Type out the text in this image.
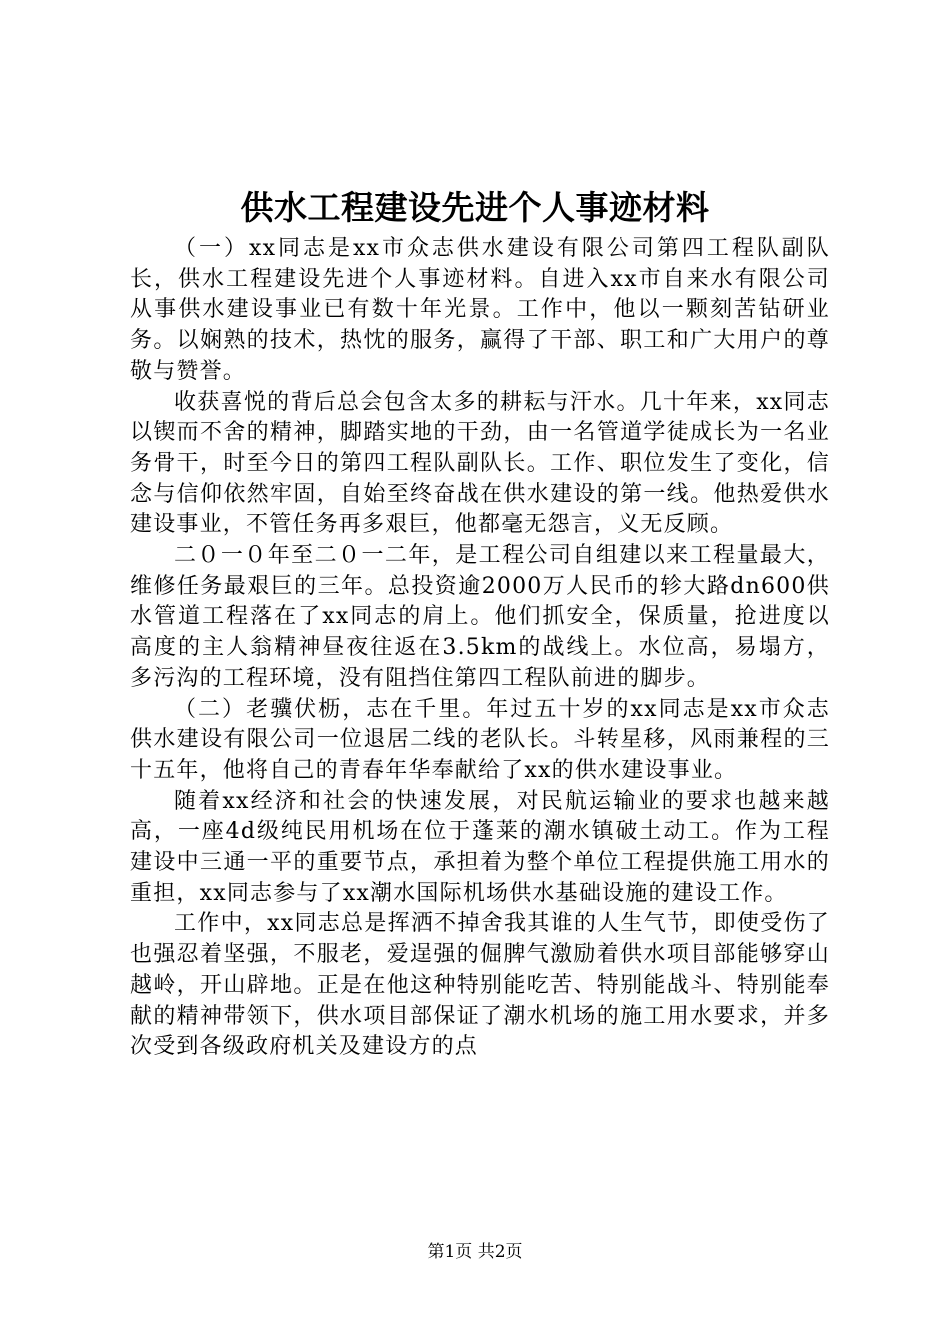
供水工程建设先进个人事迹材料

（一）xx同志是xx市众志供水建设有限公司第四工程队副队长，供水工程建设先进个人事迹材料。自进入xx市自来水有限公司从事供水建设事业已有数十年光景。工作中，他以一颗刻苦钻研业务。以娴熟的技术，热忱的服务，赢得了干部、职工和广大用户的尊敬与赞誉。

收获喜悦的背后总会包含太多的耕耘与汗水。几十年来，xx同志以锲而不舍的精神，脚踏实地的干劲，由一名管道学徒成长为一名业务骨干，时至今日的第四工程队副队长。工作、职位发生了变化，信念与信仰依然牢固，自始至终奋战在供水建设的第一线。他热爱供水建设事业，不管任务再多艰巨，他都毫无怨言，义无反顾。

二０一０年至二０一二年，是工程公司自组建以来工程量最大，维修任务最艰巨的三年。总投资逾2000万人民币的轸大路dn600供水管道工程落在了xx同志的肩上。他们抓安全，保质量，抢进度以高度的主人翁精神昼夜往返在3.5km的战线上。水位高，易塌方，多污沟的工程环境，没有阻挡住第四工程队前进的脚步。

（二）老骥伏枥，志在千里。年过五十岁的xx同志是xx市众志供水建设有限公司一位退居二线的老队长。斗转星移，风雨兼程的三十五年，他将自己的青春年华奉献给了xx的供水建设事业。

随着xx经济和社会的快速发展，对民航运输业的要求也越来越高，一座4d级纯民用机场在位于蓬莱的潮水镇破土动工。作为工程建设中三通一平的重要节点，承担着为整个单位工程提供施工用水的重担，xx同志参与了xx潮水国际机场供水基础设施的建设工作。

工作中，xx同志总是挥洒不掉舍我其谁的人生气节，即使受伤了也强忍着坚强，不服老，爱逞强的倔脾气激励着供水项目部能够穿山越岭，开山辟地。正是在他这种特别能吃苦、特别能战斗、特别能奉献的精神带领下，供水项目部保证了潮水机场的施工用水要求，并多次受到各级政府机关及建设方的点

第1页 共2页
